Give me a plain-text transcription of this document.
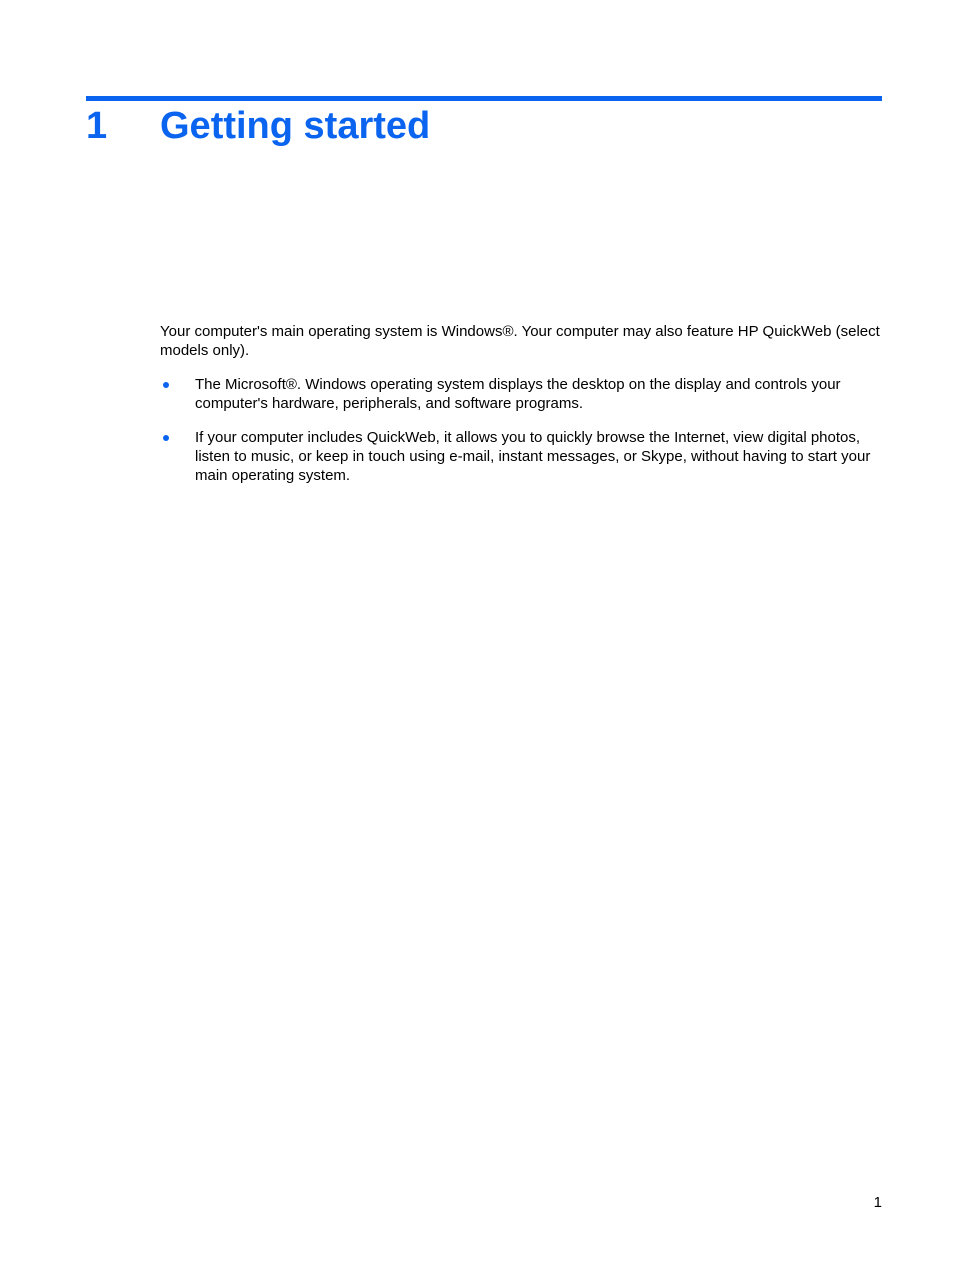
1 Getting started

Your computer's main operating system is Windows®. Your computer may also feature HP QuickWeb (select models only).

The Microsoft®. Windows operating system displays the desktop on the display and controls your computer's hardware, peripherals, and software programs.
If your computer includes QuickWeb, it allows you to quickly browse the Internet, view digital photos, listen to music, or keep in touch using e-mail, instant messages, or Skype, without having to start your main operating system.
1
